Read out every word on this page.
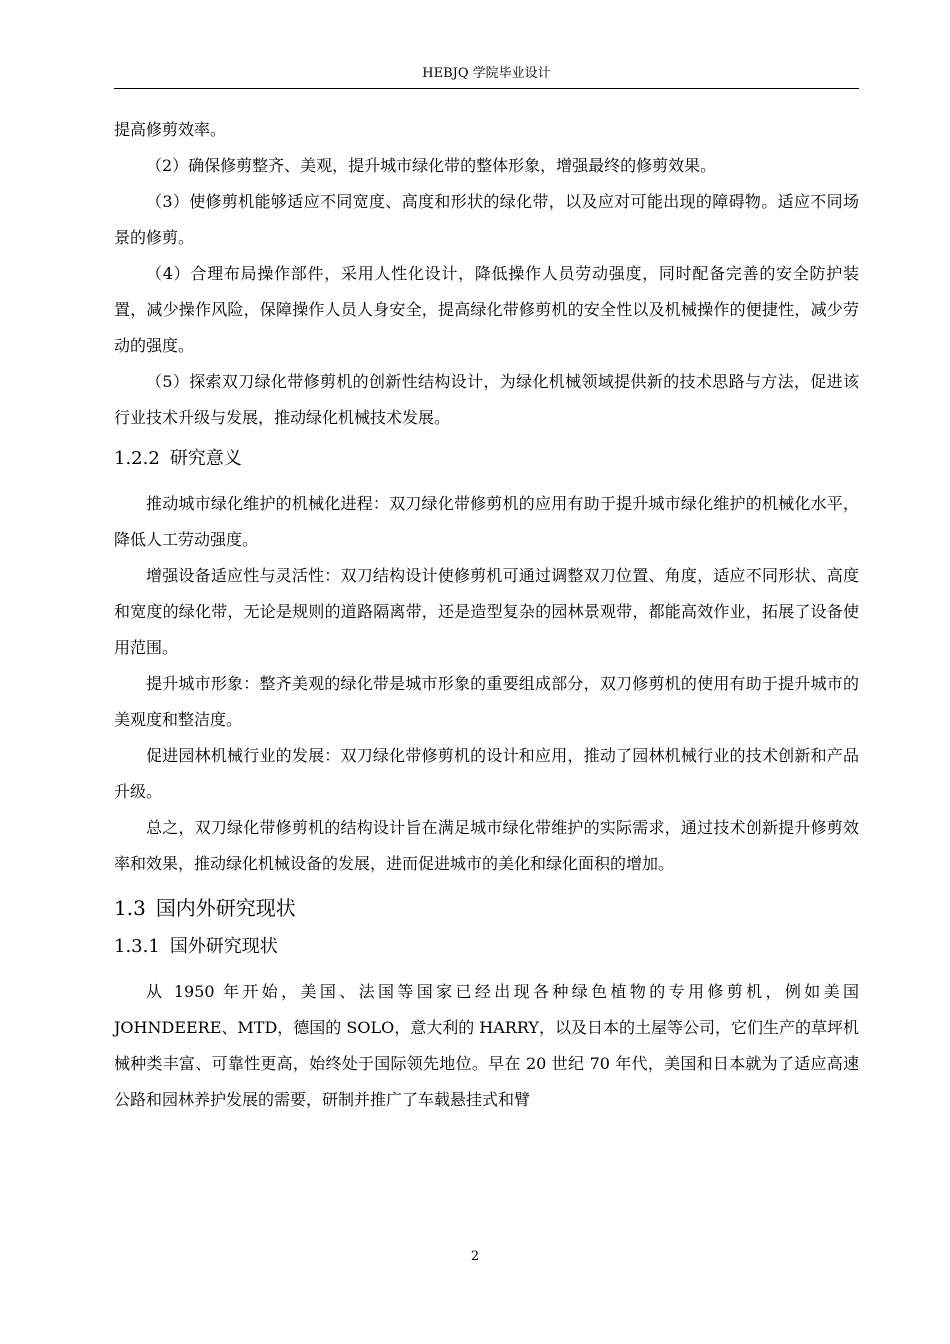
HEBJQ 学院毕业设计

提高修剪效率。

（2）确保修剪整齐、美观，提升城市绿化带的整体形象，增强最终的修剪效果。

（3）使修剪机能够适应不同宽度、高度和形状的绿化带，以及应对可能出现的障碍物。适应不同场景的修剪。

（4）合理布局操作部件，采用人性化设计，降低操作人员劳动强度，同时配备完善的安全防护装置，减少操作风险，保障操作人员人身安全，提高绿化带修剪机的安全性以及机械操作的便捷性，减少劳动的强度。

（5）探索双刀绿化带修剪机的创新性结构设计，为绿化机械领域提供新的技术思路与方法，促进该行业技术升级与发展，推动绿化机械技术发展。

1.2.2 研究意义

推动城市绿化维护的机械化进程：双刀绿化带修剪机的应用有助于提升城市绿化维护的机械化水平，降低人工劳动强度。

增强设备适应性与灵活性：双刀结构设计使修剪机可通过调整双刀位置、角度，适应不同形状、高度和宽度的绿化带，无论是规则的道路隔离带，还是造型复杂的园林景观带，都能高效作业，拓展了设备使用范围。

提升城市形象：整齐美观的绿化带是城市形象的重要组成部分，双刀修剪机的使用有助于提升城市的美观度和整洁度。

促进园林机械行业的发展：双刀绿化带修剪机的设计和应用，推动了园林机械行业的技术创新和产品升级。

总之，双刀绿化带修剪机的结构设计旨在满足城市绿化带维护的实际需求，通过技术创新提升修剪效率和效果，推动绿化机械设备的发展，进而促进城市的美化和绿化面积的增加。

1.3 国内外研究现状
1.3.1 国外研究现状

从 1950 年开始，美国、法国等国家已经出现各种绿色植物的专用修剪机，例如美国 JOHNDEERE、MTD，德国的 SOLO，意大利的 HARRY，以及日本的土屋等公司，它们生产的草坪机械种类丰富、可靠性更高，始终处于国际领先地位。早在 20 世纪 70 年代，美国和日本就为了适应高速公路和园林养护发展的需要，研制并推广了车载悬挂式和臂

2
